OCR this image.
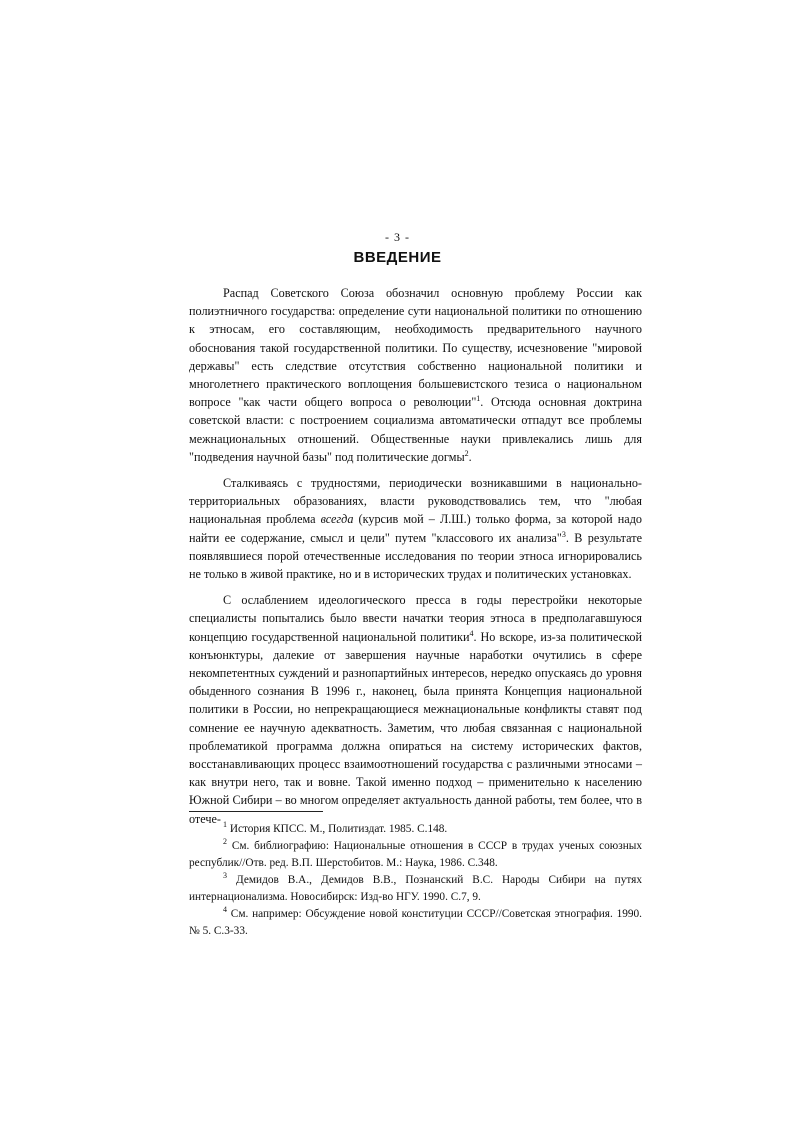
- 3 -
ВВЕДЕНИЕ

Распад Советского Союза обозначил основную проблему России как полиэтничного государства: определение сути национальной политики по отношению к этносам, его составляющим, необходимость предварительного научного обоснования такой государственной политики. По существу, исчезновение "мировой державы" есть следствие отсутствия собственно национальной политики и многолетнего практического воплощения большевистского тезиса о национальном вопросе "как части общего вопроса о революции"$^1$. Отсюда основная доктрина советской власти: с построением социализма автоматически отпадут все проблемы межнациональных отношений. Общественные науки привлекались лишь для "подведения научной базы" под политические догмы$^2$.

Сталкиваясь с трудностями, периодически возникавшими в национально-территориальных образованиях, власти руководствовались тем, что "любая национальная проблема всегда (курсив мой – Л.Ш.) только форма, за которой надо найти ее содержание, смысл и цели" путем "классового их анализа"$^3$. В результате появлявшиеся порой отечественные исследования по теории этноса игнорировались не только в живой практике, но и в исторических трудах и политических установках.

С ослаблением идеологического пресса в годы перестройки некоторые специалисты попытались было ввести начатки теория этноса в предполагавшуюся концепцию государственной национальной политики$^4$. Но вскоре, из-за политической конъюнктуры, далекие от завершения научные наработки очутились в сфере некомпетентных суждений и разнопартийных интересов, нередко опускаясь до уровня обыденного сознания В 1996 г., наконец, была принята Концепция национальной политики в России, но непрекращающиеся межнациональные конфликты ставят под сомнение ее научную адекватность. Заметим, что любая связанная с национальной проблематикой программа должна опираться на систему исторических фактов, восстанавливающих процесс взаимоотношений государства с различными этносами – как внутри него, так и вовне. Такой именно подход – применительно к населению Южной Сибири – во многом определяет актуальность данной работы, тем более, что в отече- $^1$ История КПСС. М., Политиздат. 1985. С.148.

$^2$ См. библиографию: Национальные отношения в СССР в трудах ученых союзных республик//Отв. ред. В.П. Шерстобитов. М.: Наука, 1986. С.348.

$^3$ Демидов В.А., Демидов В.В., Познанский В.С. Народы Сибири на путях интернационализма. Новосибирск: Изд-во НГУ. 1990. С.7, 9.

$^4$ См. например: Обсуждение новой конституции СССР//Советская этнография. 1990. № 5. С.3-33.
